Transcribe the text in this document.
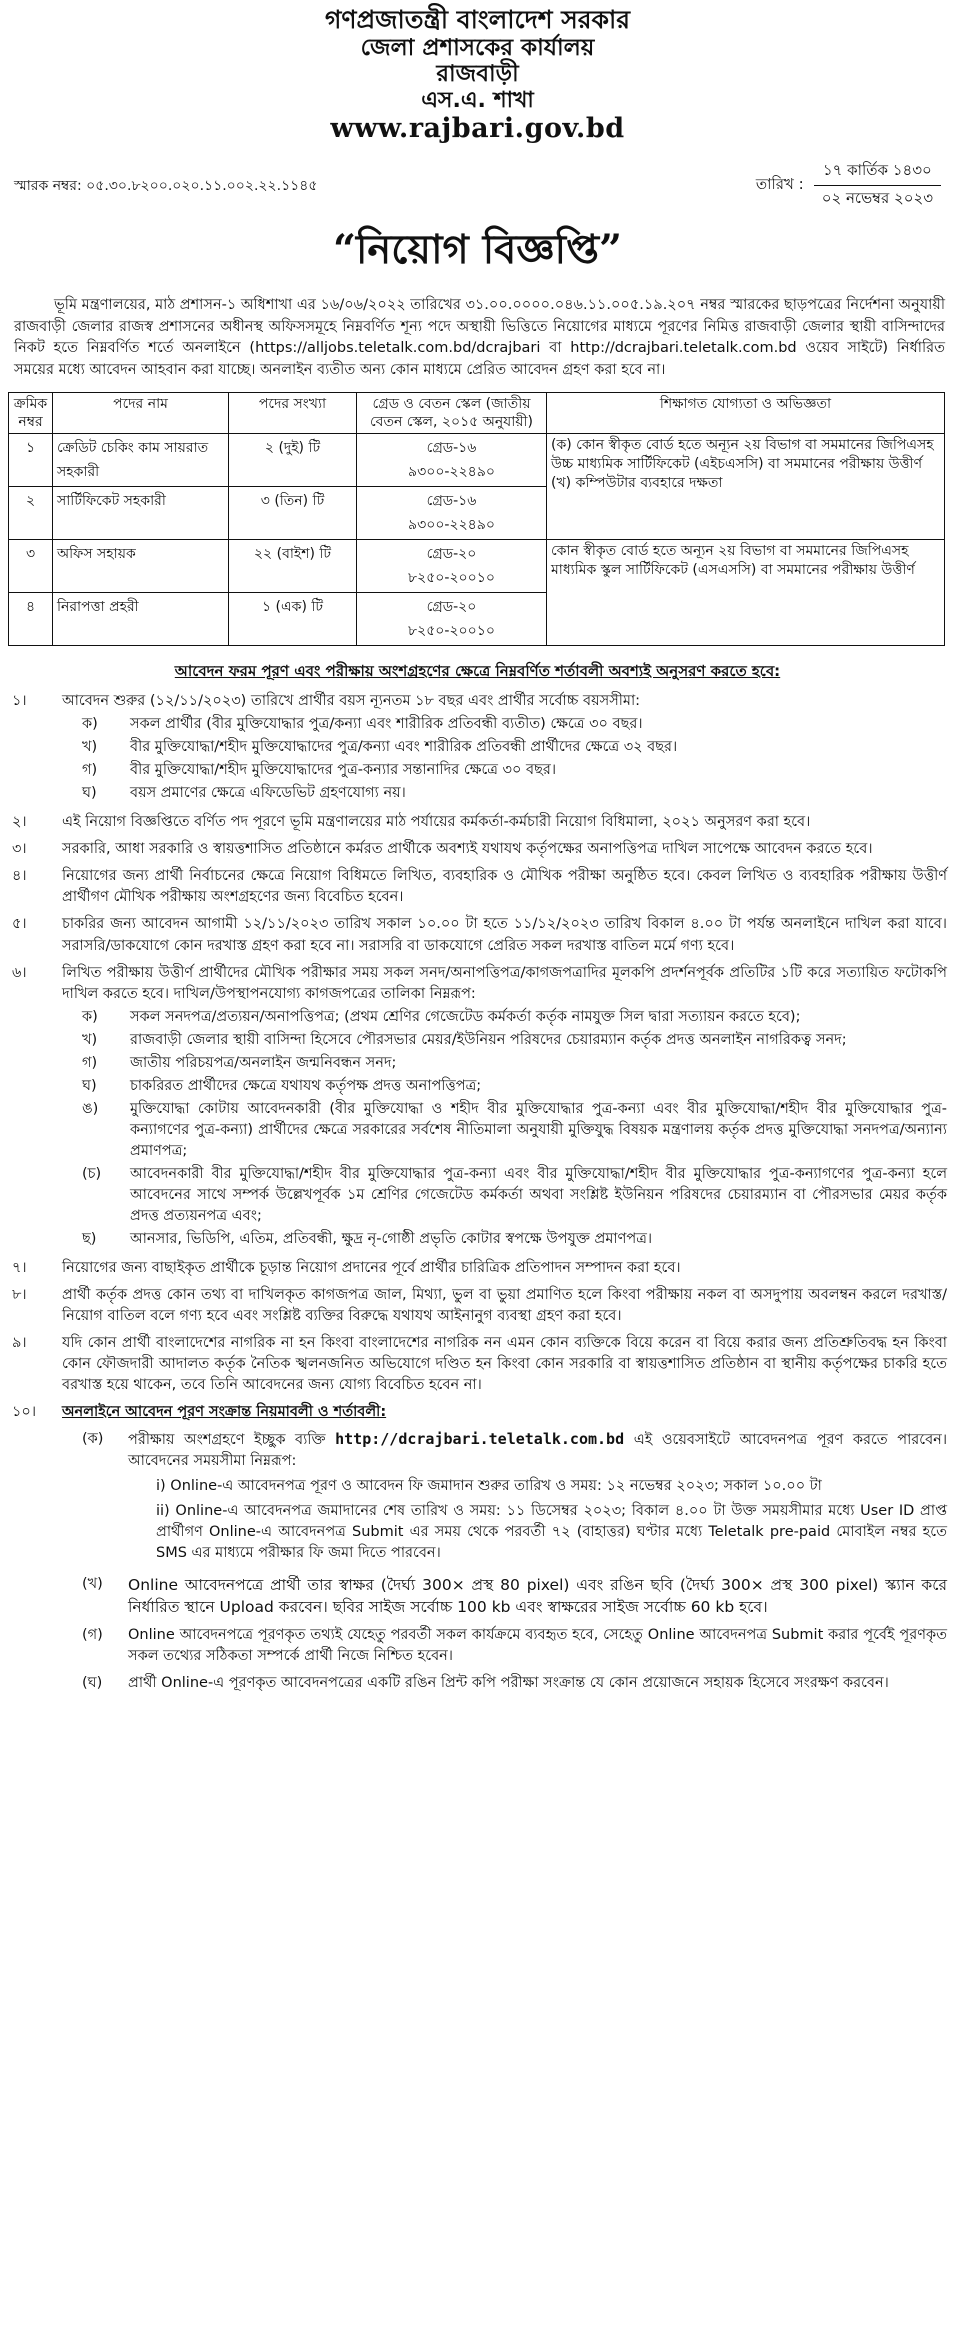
গণপ্রজাতন্ত্রী বাংলাদেশ সরকার
জেলা প্রশাসকের কার্যালয়
রাজবাড়ী
এস.এ. শাখা
www.rajbari.gov.bd
স্মারক নম্বর: ০৫.৩০.৮২০০.০২০.১১.০০২.২২.১১৪৫	তারিখ :
১৭ কার্তিক ১৪৩০
০২ নভেম্বর ২০২৩
“নিয়োগ বিজ্ঞপ্তি”

ভূমি মন্ত্রণালয়ের, মাঠ প্রশাসন-১ অধিশাখা এর ১৬/০৬/২০২২ তারিখের ৩১.০০.০০০০.০৪৬.১১.০০৫.১৯.২০৭ নম্বর স্মারকের ছাড়পত্রের নির্দেশনা অনুযায়ী রাজবাড়ী জেলার রাজস্ব প্রশাসনের অধীনস্থ অফিসসমূহে নিম্নবর্ণিত শূন্য পদে অস্থায়ী ভিত্তিতে নিয়োগের মাধ্যমে পূরণের নিমিত্ত রাজবাড়ী জেলার স্থায়ী বাসিন্দাদের নিকট হতে নিম্নবর্ণিত শর্তে অনলাইনে (https://alljobs.teletalk.com.bd/dcrajbari বা http://dcrajbari.teletalk.com.bd ওয়েব সাইটে) নির্ধারিত সময়ের মধ্যে আবেদন আহবান করা যাচ্ছে। অনলাইন ব্যতীত অন্য কোন মাধ্যমে প্রেরিত আবেদন গ্রহণ করা হবে না।

ক্রমিক নম্বর	পদের নাম	পদের সংখ্যা	গ্রেড ও বেতন স্কেল (জাতীয় বেতন স্কেল, ২০১৫ অনুযায়ী)	শিক্ষাগত যোগ্যতা ও অভিজ্ঞতা
১	ক্রেডিট চেকিং কাম সায়রাত সহকারী	২ (দুই) টি	গ্রেড-১৬
৯৩০০-২২৪৯০	(ক) কোন স্বীকৃত বোর্ড হতে অন্যূন ২য় বিভাগ বা সমমানের জিপিএসহ উচ্চ মাধ্যমিক সার্টিফিকেট (এইচএসসি) বা সমমানের পরীক্ষায় উত্তীর্ণ (খ) কম্পিউটার ব্যবহারে দক্ষতা
২	সার্টিফিকেট সহকারী	৩ (তিন) টি	গ্রেড-১৬
৯৩০০-২২৪৯০	

৩	অফিস সহায়ক	২২ (বাইশ) টি	গ্রেড-২০
৮২৫০-২০০১০	কোন স্বীকৃত বোর্ড হতে অন্যূন ২য় বিভাগ বা সমমানের জিপিএসহ মাধ্যমিক স্কুল সার্টিফিকেট (এসএসসি) বা সমমানের পরীক্ষায় উত্তীর্ণ
৪	নিরাপত্তা প্রহরী	১ (এক) টি	গ্রেড-২০
৮২৫০-২০০১০	
আবেদন ফরম পূরণ এবং পরীক্ষায় অংশগ্রহণের ক্ষেত্রে নিম্নবর্ণিত শর্তাবলী অবশ্যই অনুসরণ করতে হবে:
১।	আবেদন শুরুর (১২/১১/২০২৩) তারিখে প্রার্থীর বয়স ন্যূনতম ১৮ বছর এবং প্রার্থীর সর্বোচ্চ বয়সসীমা:
ক)	সকল প্রার্থীর (বীর মুক্তিযোদ্ধার পুত্র/কন্যা এবং শারীরিক প্রতিবন্ধী ব্যতীত) ক্ষেত্রে ৩০ বছর।
খ)	বীর মুক্তিযোদ্ধা/শহীদ মুক্তিযোদ্ধাদের পুত্র/কন্যা এবং শারীরিক প্রতিবন্ধী প্রার্থীদের ক্ষেত্রে ৩২ বছর।
গ)	বীর মুক্তিযোদ্ধা/শহীদ মুক্তিযোদ্ধাদের পুত্র-কন্যার সন্তানাদির ক্ষেত্রে ৩০ বছর।
ঘ)	বয়স প্রমাণের ক্ষেত্রে এফিডেভিট গ্রহণযোগ্য নয়।
২।	এই নিয়োগ বিজ্ঞপ্তিতে বর্ণিত পদ পূরণে ভূমি মন্ত্রণালয়ের মাঠ পর্যায়ের কর্মকর্তা-কর্মচারী নিয়োগ বিধিমালা, ২০২১ অনুসরণ করা হবে।
৩।	সরকারি, আধা সরকারি ও স্বায়ত্তশাসিত প্রতিষ্ঠানে কর্মরত প্রার্থীকে অবশ্যই যথাযথ কর্তৃপক্ষের অনাপত্তিপত্র দাখিল সাপেক্ষে আবেদন করতে হবে।
৪।	নিয়োগের জন্য প্রার্থী নির্বাচনের ক্ষেত্রে নিয়োগ বিধিমতে লিখিত, ব্যবহারিক ও মৌখিক পরীক্ষা অনুষ্ঠিত হবে। কেবল লিখিত ও ব্যবহারিক পরীক্ষায় উত্তীর্ণ প্রার্থীগণ মৌখিক পরীক্ষায় অংশগ্রহণের জন্য বিবেচিত হবেন।
৫।	চাকরির জন্য আবেদন আগামী ১২/১১/২০২৩ তারিখ সকাল ১০.০০ টা হতে ১১/১২/২০২৩ তারিখ বিকাল ৪.০০ টা পর্যন্ত অনলাইনে দাখিল করা যাবে। সরাসরি/ডাকযোগে কোন দরখাস্ত গ্রহণ করা হবে না। সরাসরি বা ডাকযোগে প্রেরিত সকল দরখাস্ত বাতিল মর্মে গণ্য হবে।
৬।	লিখিত পরীক্ষায় উত্তীর্ণ প্রার্থীদের মৌখিক পরীক্ষার সময় সকল সনদ/অনাপত্তিপত্র/কাগজপত্রাদির মূলকপি প্রদর্শনপূর্বক প্রতিটির ১টি করে সত্যায়িত ফটোকপি দাখিল করতে হবে। দাখিল/উপস্থাপনযোগ্য কাগজপত্রের তালিকা নিম্নরূপ:
ক)	সকল সনদপত্র/প্রত্যয়ন/অনাপত্তিপত্র; (প্রথম শ্রেণির গেজেটেড কর্মকর্তা কর্তৃক নামযুক্ত সিল দ্বারা সত্যায়ন করতে হবে);
খ)	রাজবাড়ী জেলার স্থায়ী বাসিন্দা হিসেবে পৌরসভার মেয়র/ইউনিয়ন পরিষদের চেয়ারম্যান কর্তৃক প্রদত্ত অনলাইন নাগরিকত্ব সনদ;
গ)	জাতীয় পরিচয়পত্র/অনলাইন জন্মনিবন্ধন সনদ;
ঘ)	চাকরিরত প্রার্থীদের ক্ষেত্রে যথাযথ কর্তৃপক্ষ প্রদত্ত অনাপত্তিপত্র;
ঙ)	মুক্তিযোদ্ধা কোটায় আবেদনকারী (বীর মুক্তিযোদ্ধা ও শহীদ বীর মুক্তিযোদ্ধার পুত্র-কন্যা এবং বীর মুক্তিযোদ্ধা/শহীদ বীর মুক্তিযোদ্ধার পুত্র-কন্যাগণের পুত্র-কন্যা) প্রার্থীদের ক্ষেত্রে সরকারের সর্বশেষ নীতিমালা অনুযায়ী মুক্তিযুদ্ধ বিষয়ক মন্ত্রণালয় কর্তৃক প্রদত্ত মুক্তিযোদ্ধা সনদপত্র/অন্যান্য প্রমাণপত্র;
(চ)	আবেদনকারী বীর মুক্তিযোদ্ধা/শহীদ বীর মুক্তিযোদ্ধার পুত্র-কন্যা এবং বীর মুক্তিযোদ্ধা/শহীদ বীর মুক্তিযোদ্ধার পুত্র-কন্যাগণের পুত্র-কন্যা হলে আবেদনের সাথে সম্পর্ক উল্লেখপূর্বক ১ম শ্রেণির গেজেটেড কর্মকর্তা অথবা সংশ্লিষ্ট ইউনিয়ন পরিষদের চেয়ারম্যান বা পৌরসভার মেয়র কর্তৃক প্রদত্ত প্রত্যয়নপত্র এবং;
ছ)	আনসার, ভিডিপি, এতিম, প্রতিবন্ধী, ক্ষুদ্র নৃ-গোষ্ঠী প্রভৃতি কোটার স্বপক্ষে উপযুক্ত প্রমাণপত্র।
৭।	নিয়োগের জন্য বাছাইকৃত প্রার্থীকে চূড়ান্ত নিয়োগ প্রদানের পূর্বে প্রার্থীর চারিত্রিক প্রতিপাদন সম্পাদন করা হবে।
৮।	প্রার্থী কর্তৃক প্রদত্ত কোন তথ্য বা দাখিলকৃত কাগজপত্র জাল, মিথ্যা, ভুল বা ভুয়া প্রমাণিত হলে কিংবা পরীক্ষায় নকল বা অসদুপায় অবলম্বন করলে দরখাস্ত/নিয়োগ বাতিল বলে গণ্য হবে এবং সংশ্লিষ্ট ব্যক্তির বিরুদ্ধে যথাযথ আইনানুগ ব্যবস্থা গ্রহণ করা হবে।
৯।	যদি কোন প্রার্থী বাংলাদেশের নাগরিক না হন কিংবা বাংলাদেশের নাগরিক নন এমন কোন ব্যক্তিকে বিয়ে করেন বা বিয়ে করার জন্য প্রতিশ্রুতিবদ্ধ হন কিংবা কোন ফৌজদারী আদালত কর্তৃক নৈতিক স্খলনজনিত অভিযোগে দণ্ডিত হন কিংবা কোন সরকারি বা স্বায়ত্তশাসিত প্রতিষ্ঠান বা স্থানীয় কর্তৃপক্ষের চাকরি হতে বরখাস্ত হয়ে থাকেন, তবে তিনি আবেদনের জন্য যোগ্য বিবেচিত হবেন না।
১০।	অনলাইনে আবেদন পূরণ সংক্রান্ত নিয়মাবলী ও শর্তাবলী:
(ক)	পরীক্ষায় অংশগ্রহণে ইচ্ছুক ব্যক্তি http://dcrajbari.teletalk.com.bd এই ওয়েবসাইটে আবেদনপত্র পূরণ করতে পারবেন। আবেদনের সময়সীমা নিম্নরূপ:
i) Online-এ আবেদনপত্র পূরণ ও আবেদন ফি জমাদান শুরুর তারিখ ও সময়: ১২ নভেম্বর ২০২৩; সকাল ১০.০০ টা
ii) Online-এ আবেদনপত্র জমাদানের শেষ তারিখ ও সময়: ১১ ডিসেম্বর ২০২৩; বিকাল ৪.০০ টা উক্ত সময়সীমার মধ্যে User ID প্রাপ্ত প্রার্থীগণ Online-এ আবেদনপত্র Submit এর সময় থেকে পরবর্তী ৭২ (বাহাত্তর) ঘণ্টার মধ্যে Teletalk pre-paid মোবাইল নম্বর হতে SMS এর মাধ্যমে পরীক্ষার ফি জমা দিতে পারবেন।
(খ)	Online আবেদনপত্রে প্রার্থী তার স্বাক্ষর (দৈর্ঘ্য 300× প্রস্থ 80 pixel) এবং রঙিন ছবি (দৈর্ঘ্য 300× প্রস্থ 300 pixel) স্ক্যান করে নির্ধারিত স্থানে Upload করবেন। ছবির সাইজ সর্বোচ্চ 100 kb এবং স্বাক্ষরের সাইজ সর্বোচ্চ 60 kb হবে।
(গ)	Online আবেদনপত্রে পূরণকৃত তথ্যই যেহেতু পরবর্তী সকল কার্যক্রমে ব্যবহৃত হবে, সেহেতু Online আবেদনপত্র Submit করার পূর্বেই পূরণকৃত সকল তথ্যের সঠিকতা সম্পর্কে প্রার্থী নিজে নিশ্চিত হবেন।
(ঘ)	প্রার্থী Online-এ পূরণকৃত আবেদনপত্রের একটি রঙিন প্রিন্ট কপি পরীক্ষা সংক্রান্ত যে কোন প্রয়োজনে সহায়ক হিসেবে সংরক্ষণ করবেন।
